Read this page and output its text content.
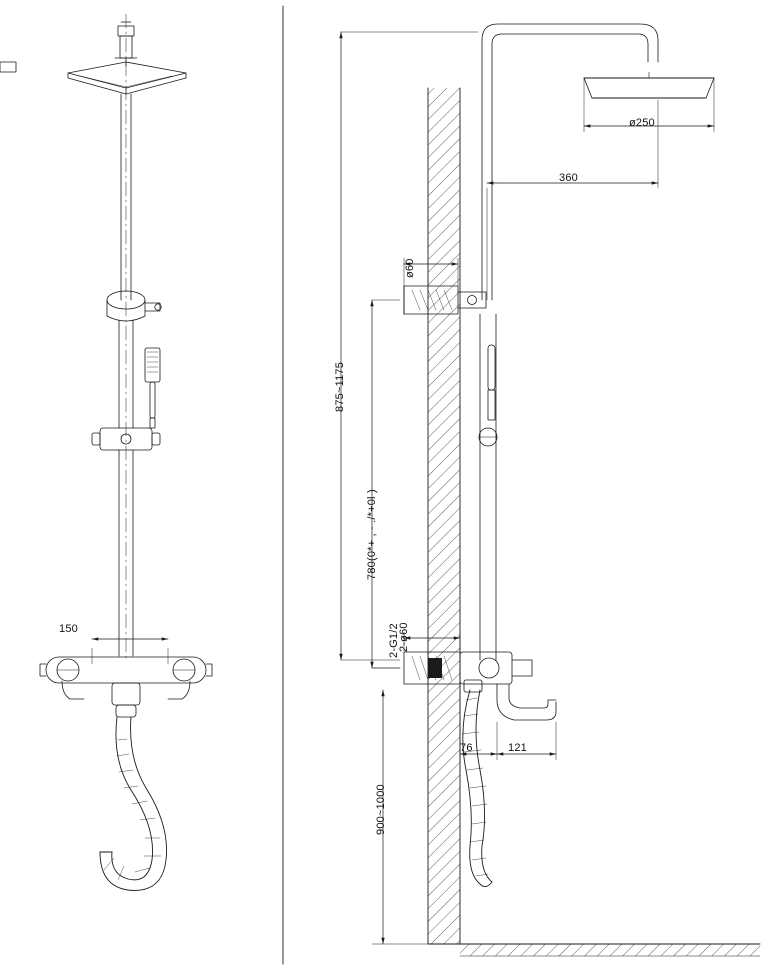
150
ø250
360
ø60
875~1175
780(0*+ , - ./*+0l )
2-ø60
2-G1/2
76	121
900~1000
